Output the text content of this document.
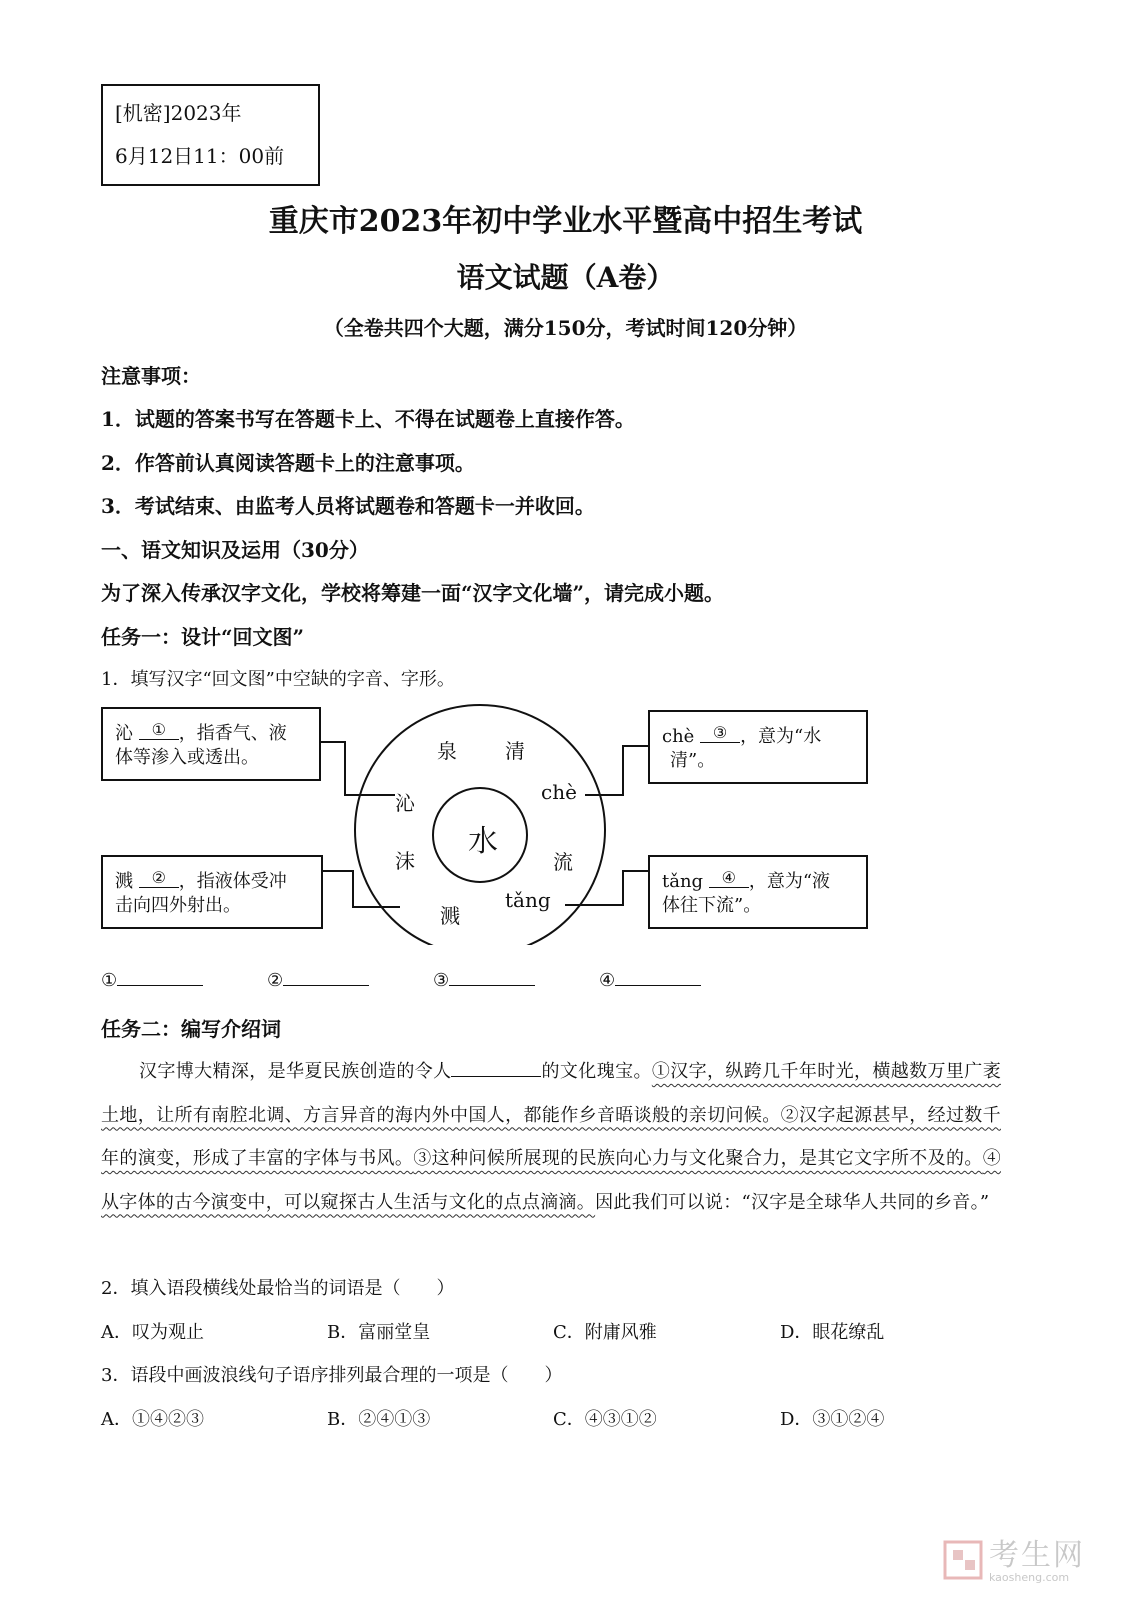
[机密]2023年
6月12日11：00前
重庆市2023年初中学业水平暨高中招生考试
语文试题（A卷）
（全卷共四个大题，满分150分，考试时间120分钟）
注意事项：
1．试题的答案书写在答题卡上、不得在试题卷上直接作答。
2．作答前认真阅读答题卡上的注意事项。
3．考试结束、由监考人员将试题卷和答题卡一并收回。
一、语文知识及运用（30分）
为了深入传承汉字文化，学校将筹建一面“汉字文化墙”，请完成小题。
任务一：设计“回文图”
1．填写汉字“回文图”中空缺的字音、字形。
水
泉 清
chè
流
tǎng
溅
沫
沁
沁 ① ，指香气、液
体等渗入或透出。
溅 ② ，指液体受冲
击向四外射出。
chè ③ ，意为“水
清”。
tǎng ④ ，意为“液
体往下流”。
①	②	③	④
任务二：编写介绍词
汉字博大精深，是华夏民族创造的令人	的文化瑰宝。①汉字，纵跨几千年时光，横越数万里广袤土地，让所有南腔北调、方言异音的海内外中国人，都能作乡音晤谈般的亲切问候。②汉字起源甚早，经过数千年的演变，形成了丰富的字体与书风。③这种问候所展现的民族向心力与文化聚合力，是其它文字所不及的。④从字体的古今演变中，可以窥探古人生活与文化的点点滴滴。因此我们可以说：“汉字是全球华人共同的乡音。”
2．填入语段横线处最恰当的词语是（　　）
A．叹为观止	B．富丽堂皇	C．附庸风雅	D．眼花缭乱
3．语段中画波浪线句子语序排列最合理的一项是（　　）
A．①④②③	B．②④①③	C．④③①②	D．③①②④
考生网
kaosheng.com
